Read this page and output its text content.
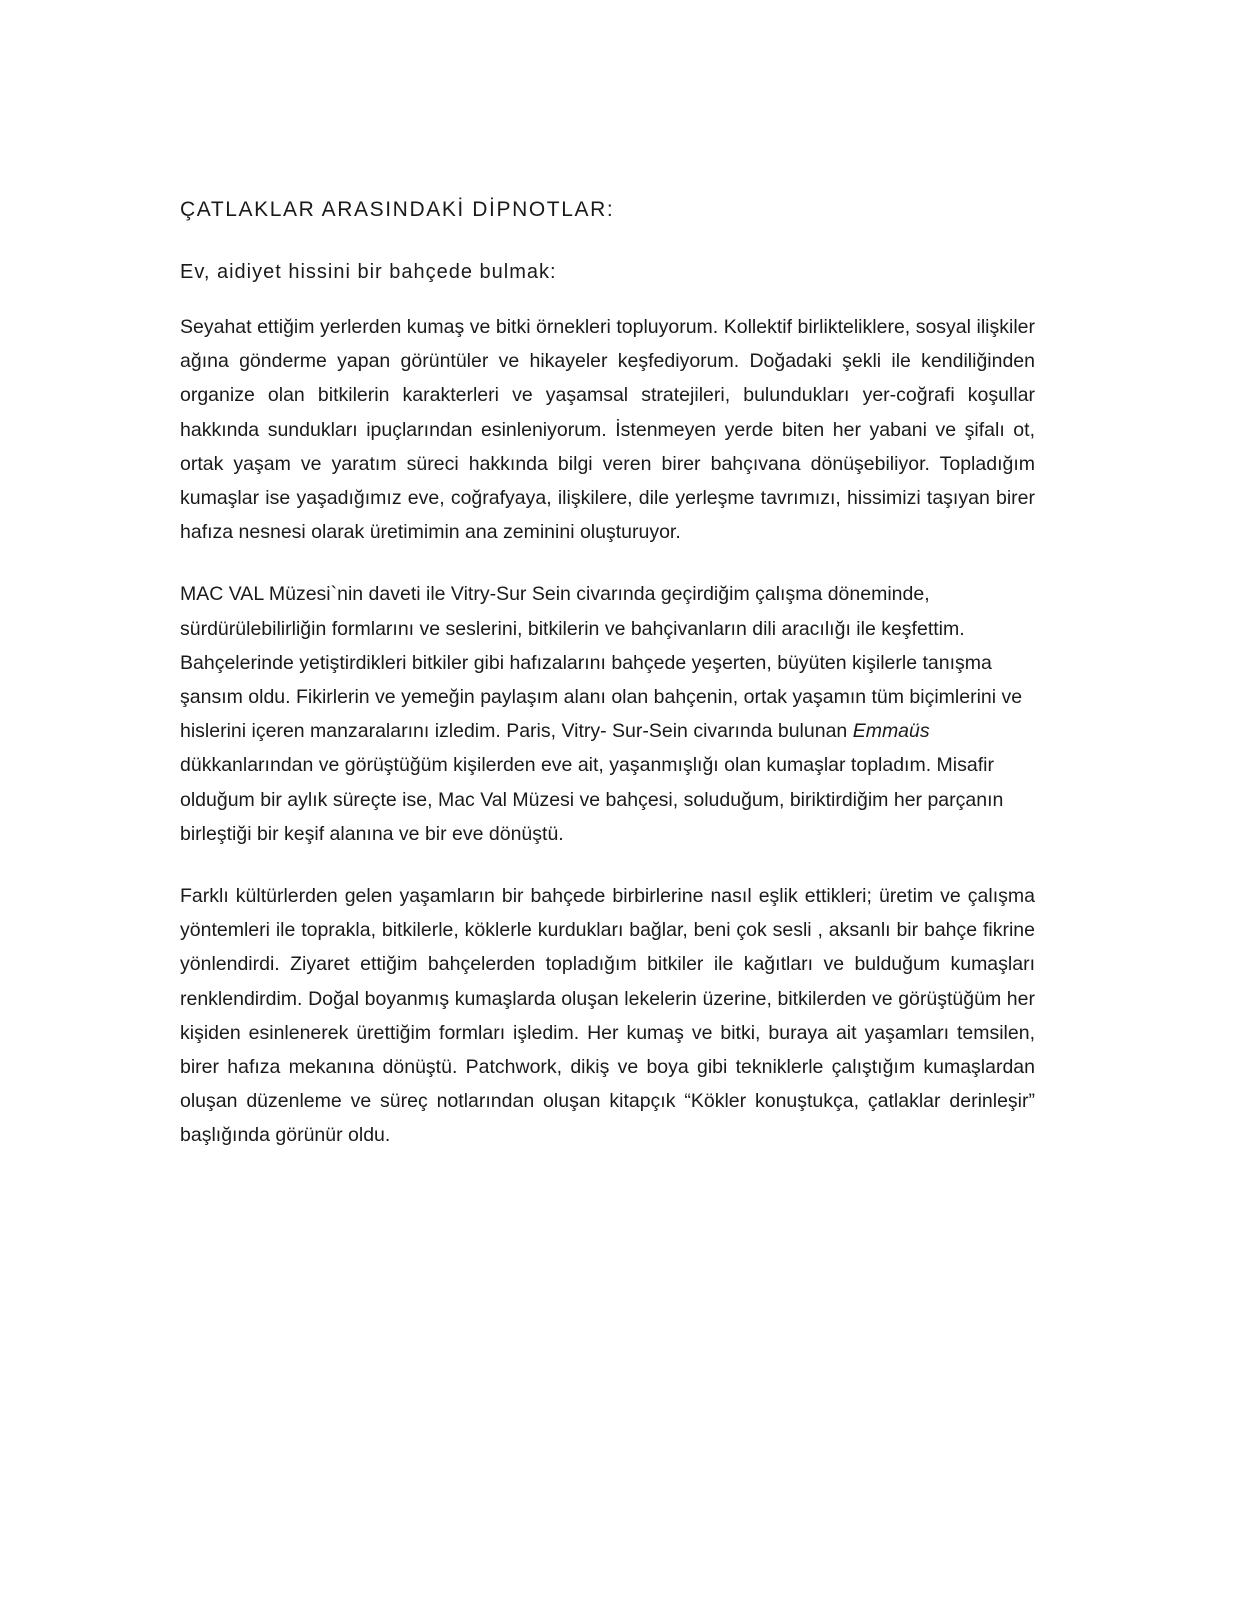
ÇATLAKLAR ARASINDAKİ DİPNOTLAR:
Ev, aidiyet hissini bir bahçede bulmak:

Seyahat ettiğim yerlerden kumaş ve bitki örnekleri topluyorum. Kollektif birlikteliklere, sosyal ilişkiler ağına gönderme yapan görüntüler ve hikayeler keşfediyorum. Doğadaki şekli ile kendiliğinden organize olan bitkilerin karakterleri ve yaşamsal stratejileri, bulundukları yer-coğrafi koşullar hakkında sundukları ipuçlarından esinleniyorum. İstenmeyen yerde biten her yabani ve şifalı ot, ortak yaşam ve yaratım süreci hakkında bilgi veren birer bahçıvana dönüşebiliyor. Topladığım kumaşlar ise yaşadığımız eve, coğrafyaya, ilişkilere, dile yerleşme tavrımızı, hissimizi taşıyan birer hafıza nesnesi olarak üretimimin ana zeminini oluşturuyor.

MAC VAL Müzesi`nin daveti ile Vitry-Sur Sein civarında geçirdiğim çalışma döneminde, sürdürülebilirliğin formlarını ve seslerini, bitkilerin ve bahçivanların dili aracılığı ile keşfettim. Bahçelerinde yetiştirdikleri bitkiler gibi hafızalarını bahçede yeşerten, büyüten kişilerle tanışma şansım oldu. Fikirlerin ve yemeğin paylaşım alanı olan bahçenin, ortak yaşamın tüm biçimlerini ve hislerini içeren manzaralarını izledim. Paris, Vitry- Sur-Sein civarında bulunan Emmaüs dükkanlarından ve görüştüğüm kişilerden eve ait, yaşanmışlığı olan kumaşlar topladım. Misafir olduğum bir aylık süreçte ise, Mac Val Müzesi ve bahçesi, soluduğum, biriktirdiğim her parçanın birleştiği bir keşif alanına ve bir eve dönüştü.

Farklı kültürlerden gelen yaşamların bir bahçede birbirlerine nasıl eşlik ettikleri; üretim ve çalışma yöntemleri ile toprakla, bitkilerle, köklerle kurdukları bağlar, beni çok sesli , aksanlı bir bahçe fikrine yönlendirdi. Ziyaret ettiğim bahçelerden topladığım bitkiler ile kağıtları ve bulduğum kumaşları renklendirdim. Doğal boyanmış kumaşlarda oluşan lekelerin üzerine, bitkilerden ve görüştüğüm her kişiden esinlenerek ürettiğim formları işledim. Her kumaş ve bitki, buraya ait yaşamları temsilen, birer hafıza mekanına dönüştü. Patchwork, dikiş ve boya gibi tekniklerle çalıştığım kumaşlardan oluşan düzenleme ve süreç notlarından oluşan kitapçık “Kökler konuştukça, çatlaklar derinleşir” başlığında görünür oldu.
